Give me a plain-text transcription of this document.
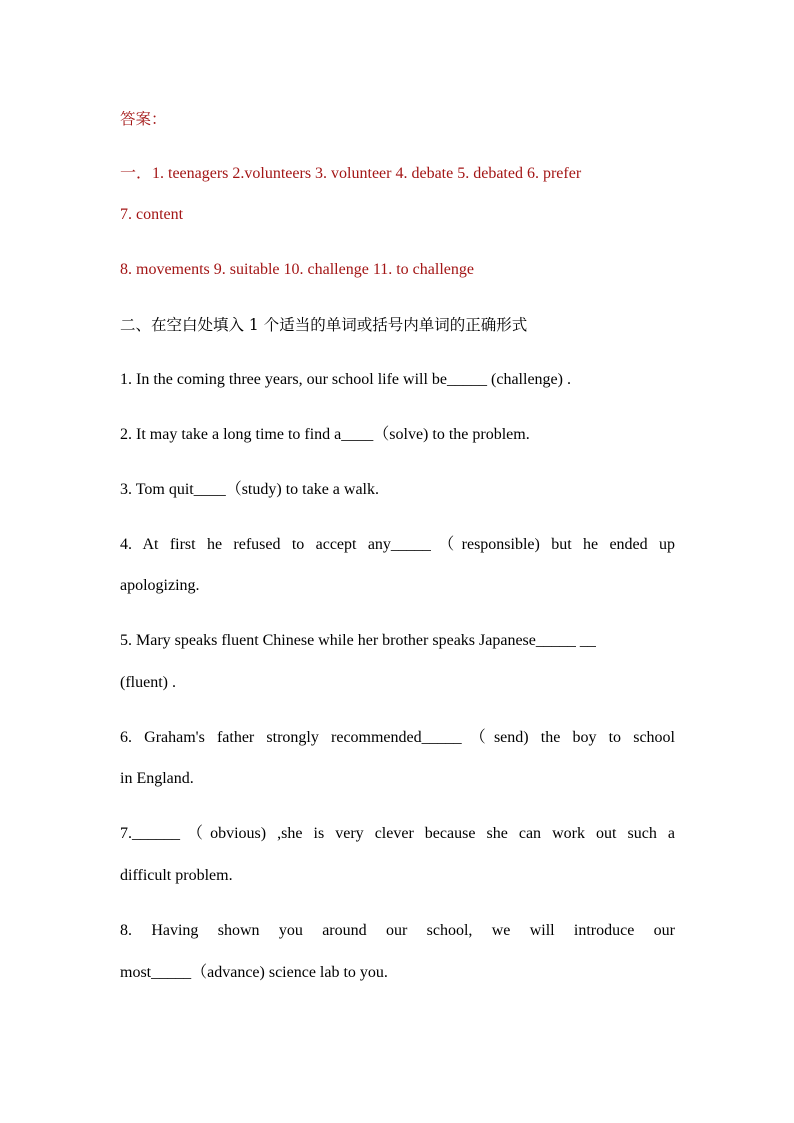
答案：
一．1. teenagers 2.volunteers 3. volunteer 4. debate 5. debated 6. prefer
7. content
8. movements 9. suitable 10. challenge 11. to challenge
二、在空白处填入 1 个适当的单词或括号内单词的正确形式
1. In the coming three years, our school life will be_____ (challenge) .
2. It may take a long time to find a____（solve) to the problem.
3. Tom quit____（study) to take a walk.
4. At first he refused to accept any_____（responsible) but he ended up
apologizing.
5. Mary speaks fluent Chinese while her brother speaks Japanese_____ __
(fluent) .
6. Graham's father strongly recommended_____（send) the boy to school
in England.
7.______（obvious) ,she is very clever because she can work out such a
difficult problem.
8. Having shown you around our school, we will introduce our
most_____（advance) science lab to you.
